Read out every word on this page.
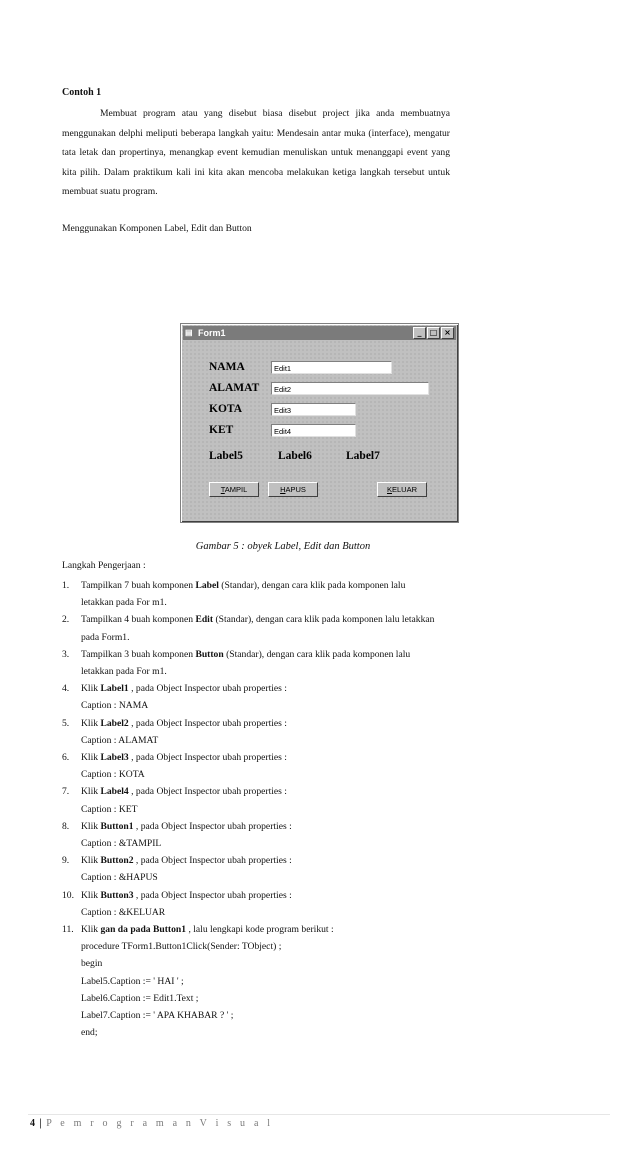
Contoh 1
Membuat program atau yang disebut biasa disebut project jika anda membuatnya menggunakan delphi meliputi beberapa langkah yaitu: Mendesain antar muka (interface), mengatur tata letak dan propertinya, menangkap event kemudian menuliskan untuk menanggapi event yang kita pilih. Dalam praktikum kali ini kita akan mencoba melakukan ketiga langkah tersebut untuk membuat suatu program.
Menggunakan Komponen Label, Edit dan Button
▤ Form1	_	□ ×
NAMA
ALAMAT
KOTA
KET
Edit1
Edit2
Edit3
Edit4
Label5	Label6	Label7
TAMPIL	HAPUS	KELUAR
Gambar 5 : obyek Label, Edit dan Button
Langkah Pengerjaan :
1.	Tampilkan 7 buah komponen Label (Standar), dengan cara klik pada komponen lalu
letakkan pada For m1.
2.	Tampilkan 4 buah komponen Edit (Standar), dengan cara klik pada komponen lalu letakkan
pada Form1.
3.	Tampilkan 3 buah komponen Button (Standar), dengan cara klik pada komponen lalu
letakkan pada For m1.
4.	Klik Label1 , pada Object Inspector ubah properties :
Caption : NAMA
5.	Klik Label2 , pada Object Inspector ubah properties :
Caption : ALAMAT
6.	Klik Label3 , pada Object Inspector ubah properties :
Caption : KOTA
7.	Klik Label4 , pada Object Inspector ubah properties :
Caption : KET
8.	Klik Button1 , pada Object Inspector ubah properties :
Caption : &TAMPIL
9.	Klik Button2 , pada Object Inspector ubah properties :
Caption : &HAPUS
10. Klik Button3 , pada Object Inspector ubah properties :
Caption : &KELUAR
11. Klik gan da pada Button1 , lalu lengkapi kode program berikut :
procedure TForm1.Button1Click(Sender: TObject) ;
begin
Label5.Caption := ' HAI ' ;
Label6.Caption := Edit1.Text ;
Label7.Caption := ' APA KHABAR ? ' ;
end;
4 | P e m r o g r a m a n V i s u a l
